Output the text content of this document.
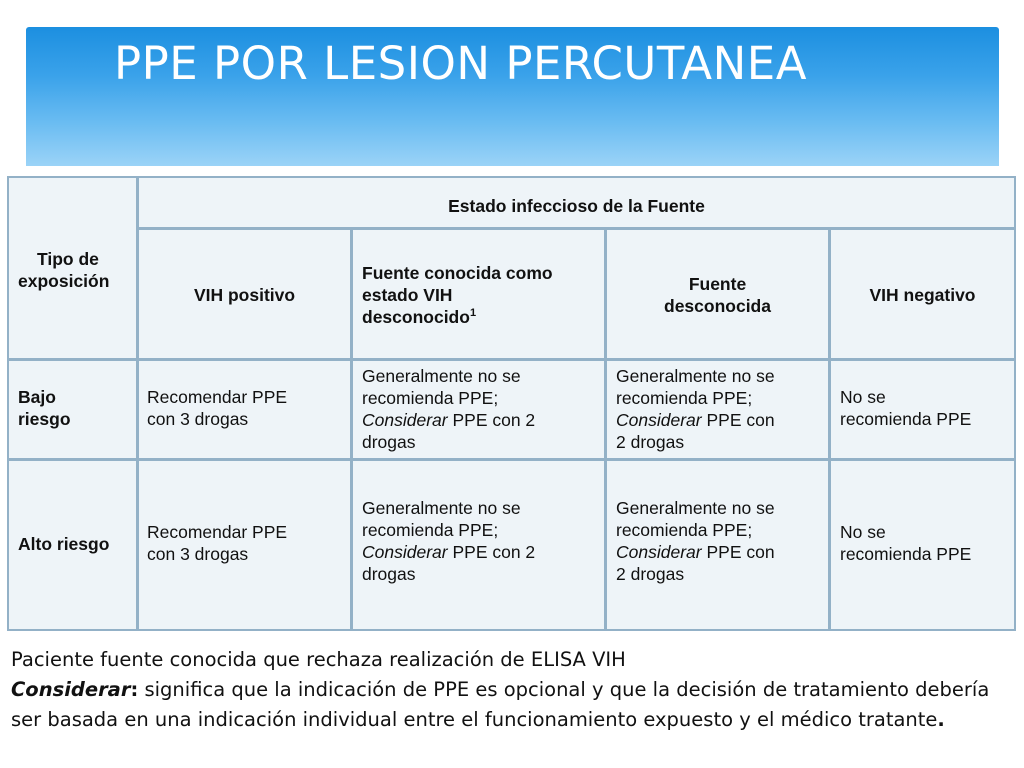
PPE POR LESION PERCUTANEA
Tipo de
exposición
Estado infeccioso de la Fuente
VIH positivo
Fuente conocida como
estado VIH
desconocido$^1$
Fuente
desconocida
VIH negativo
Bajo
riesgo
Recomendar PPE
con 3 drogas
Generalmente no se
recomienda PPE;
Considerar PPE con 2
drogas
Generalmente no se
recomienda PPE;
Considerar PPE con
2 drogas
No se
recomienda PPE
Alto riesgo
Recomendar PPE
con 3 drogas
Generalmente no se
recomienda PPE;
Considerar PPE con 2
drogas
Generalmente no se
recomienda PPE;
Considerar PPE con
2 drogas
No se
recomienda PPE
Paciente fuente conocida que rechaza realización de ELISA VIH
Considerar: significa que la indicación de PPE es opcional y que la decisión de tratamiento debería ser basada en una indicación individual entre el funcionamiento expuesto y el médico tratante.
